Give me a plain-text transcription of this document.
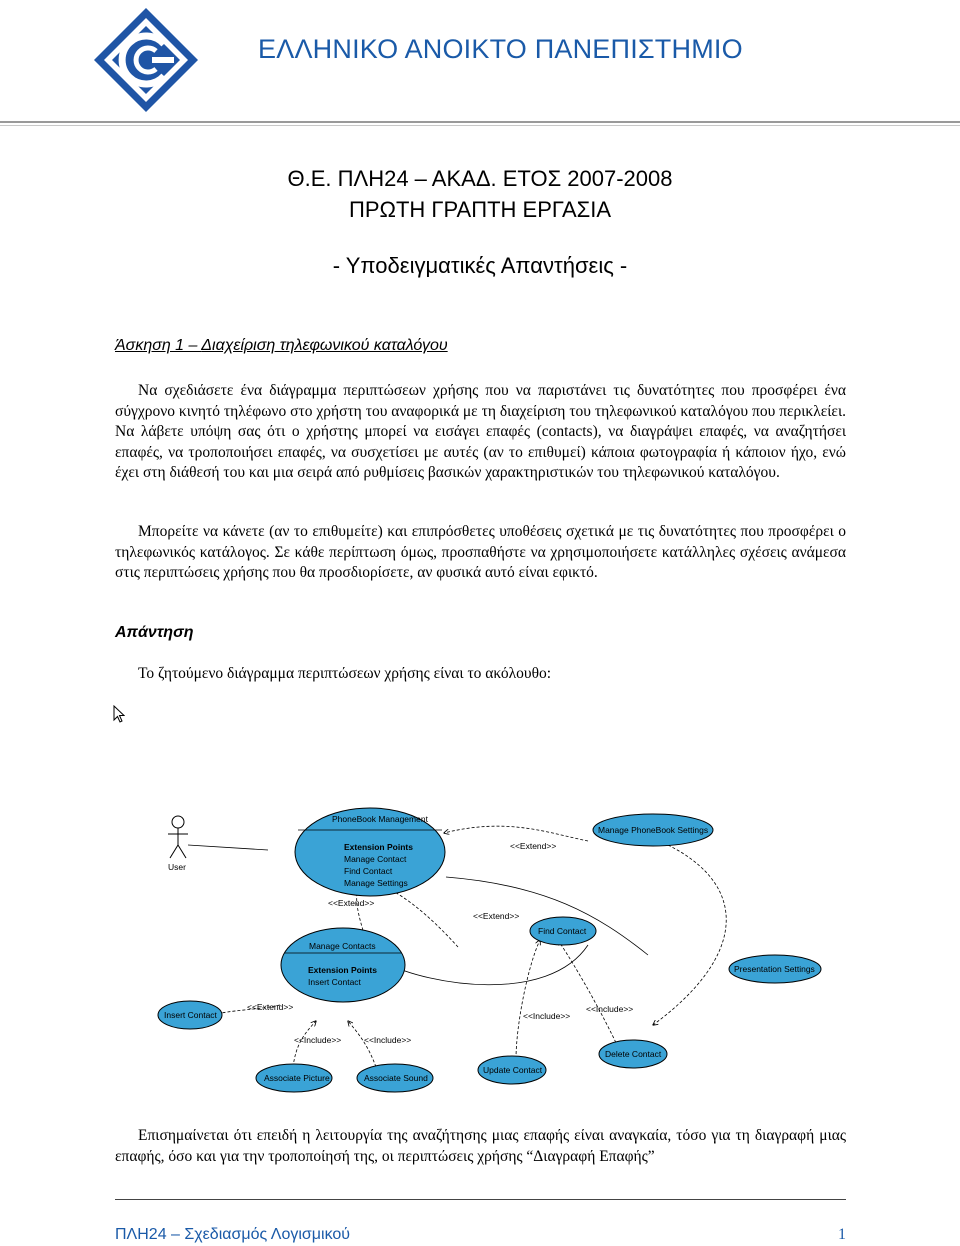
ΕΛΛΗΝΙΚΟ ΑΝΟΙΚΤΟ ΠΑΝΕΠΙΣΤΗΜΙΟ
Θ.Ε. ΠΛΗ24 – ΑΚΑΔ. ΕΤΟΣ 2007-2008
ΠΡΩΤΗ ΓΡΑΠΤΗ ΕΡΓΑΣΙΑ
- Υποδειγματικές Απαντήσεις -
Άσκηση 1 – Διαχείριση τηλεφωνικού καταλόγου

Να σχεδιάσετε ένα διάγραμμα περιπτώσεων χρήσης που να παριστάνει τις δυνατότητες που προσφέρει ένα σύγχρονο κινητό τηλέφωνο στο χρήστη του αναφορικά με τη διαχείριση του τηλεφωνικού καταλόγου που περικλείει. Να λάβετε υπόψη σας ότι ο χρήστης μπορεί να εισάγει επαφές (contacts), να διαγράψει επαφές, να αναζητήσει επαφές, να τροποποιήσει επαφές, να συσχετίσει με αυτές (αν το επιθυμεί) κάποια φωτογραφία ή κάποιον ήχο, ενώ έχει στη διάθεσή του και μια σειρά από ρυθμίσεις βασικών χαρακτηριστικών του τηλεφωνικού καταλόγου.

Μπορείτε να κάνετε (αν το επιθυμείτε) και επιπρόσθετες υποθέσεις σχετικά με τις δυνατότητες που προσφέρει ο τηλεφωνικός κατάλογος. Σε κάθε περίπτωση όμως, προσπαθήστε να χρησιμοποιήσετε κατάλληλες σχέσεις ανάμεσα στις περιπτώσεις χρήσης που θα προσδιορίσετε, αν φυσικά αυτό είναι εφικτό.

Απάντηση

Το ζητούμενο διάγραμμα περιπτώσεων χρήσης είναι το ακόλουθο:

User
PhoneBook Management
Extension Points
Manage Contact
Find Contact
Manage Settings
Manage PhoneBook Settings
<<Extend>>
Manage Contacts
Extension Points
Insert Contact
<<Extend>>
Find Contact
<<Extend>>
Presentation Settings
Insert Contact
<<Extend>>
<<Include>>	<<Include>>
<<Include>>
<<Include>>
Associate Picture	Associate Sound
Update Contact
Delete Contact

Επισημαίνεται ότι επειδή η λειτουργία της αναζήτησης μιας επαφής είναι αναγκαία, τόσο για τη διαγραφή μιας επαφής, όσο και για την τροποποίησή της, οι περιπτώσεις χρήσης “Διαγραφή Επαφής”

ΠΛΗ24 – Σχεδιασμός Λογισμικού	1
